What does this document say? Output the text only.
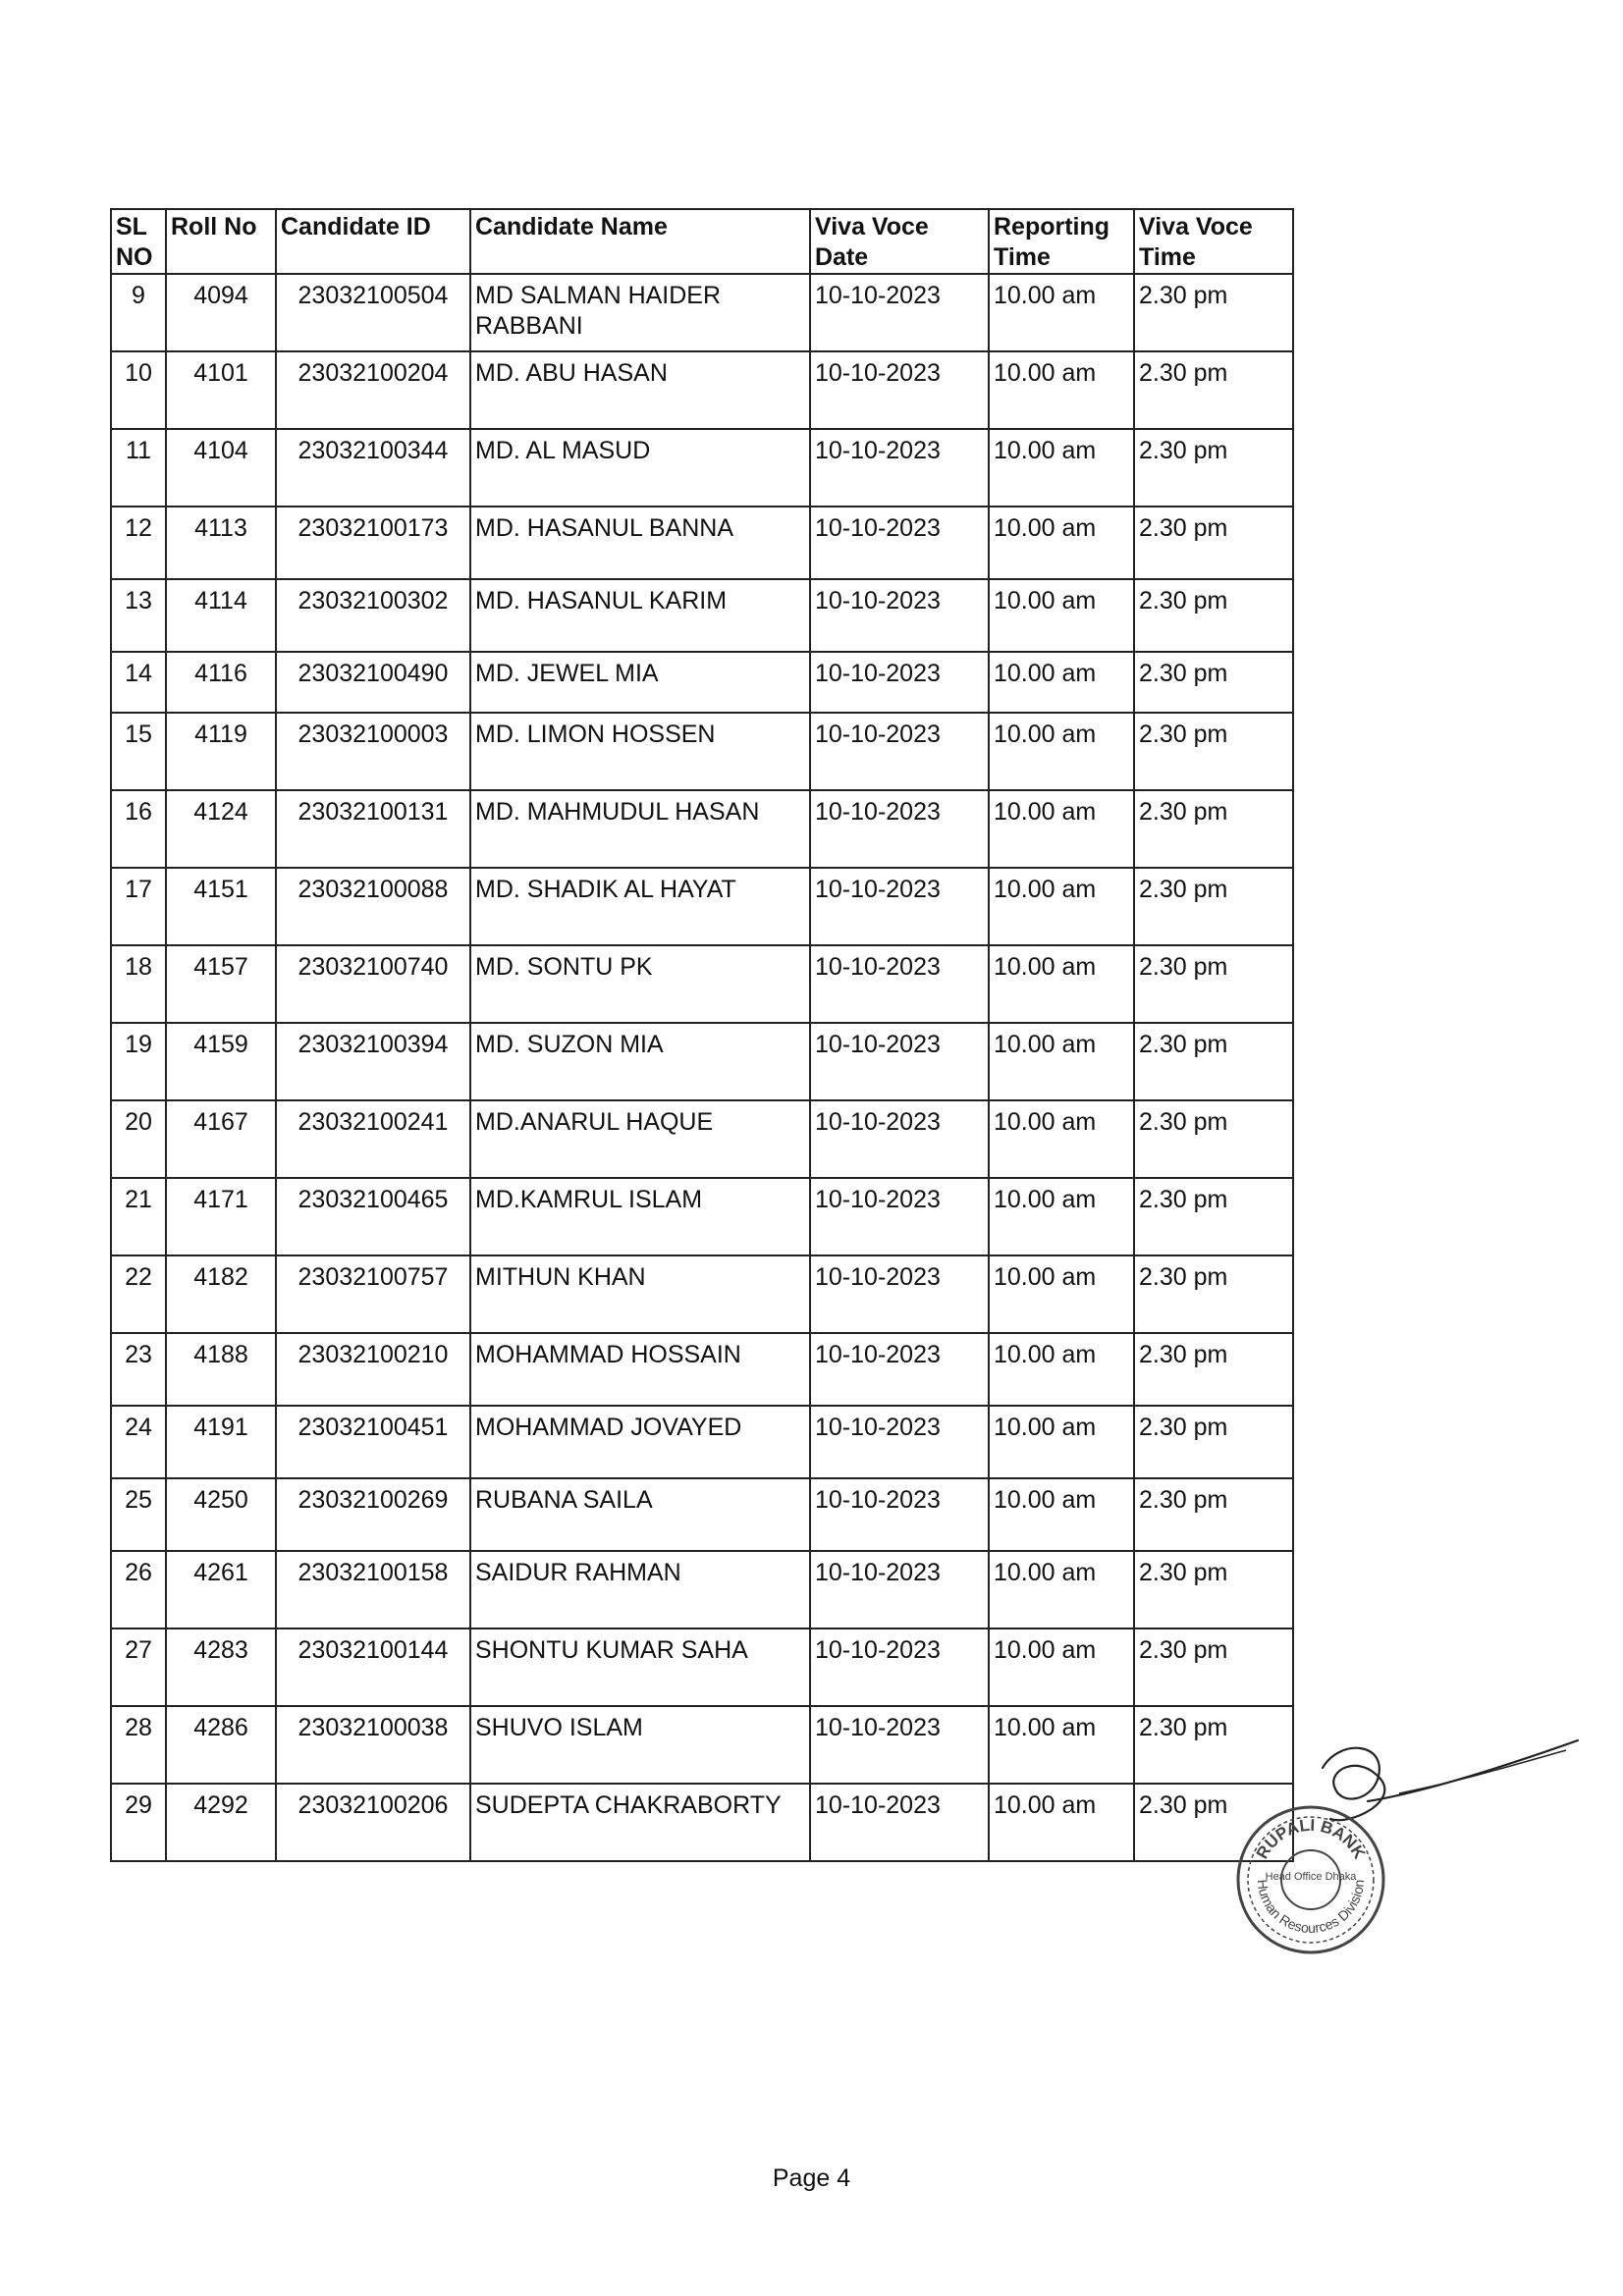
SL NO	Roll No	Candidate ID	Candidate Name	Viva Voce Date	Reporting Time	Viva Voce Time
9	4094	23032100504	MD SALMAN HAIDER RABBANI	10-10-2023	10.00 am	2.30 pm
10	4101	23032100204	MD. ABU HASAN	10-10-2023	10.00 am	2.30 pm
11	4104	23032100344	MD. AL MASUD	10-10-2023	10.00 am	2.30 pm
12	4113	23032100173	MD. HASANUL BANNA	10-10-2023	10.00 am	2.30 pm
13	4114	23032100302	MD. HASANUL KARIM	10-10-2023	10.00 am	2.30 pm
14	4116	23032100490	MD. JEWEL MIA	10-10-2023	10.00 am	2.30 pm
15	4119	23032100003	MD. LIMON HOSSEN	10-10-2023	10.00 am	2.30 pm
16	4124	23032100131	MD. MAHMUDUL HASAN	10-10-2023	10.00 am	2.30 pm
17	4151	23032100088	MD. SHADIK AL HAYAT	10-10-2023	10.00 am	2.30 pm
18	4157	23032100740	MD. SONTU PK	10-10-2023	10.00 am	2.30 pm
19	4159	23032100394	MD. SUZON MIA	10-10-2023	10.00 am	2.30 pm
20	4167	23032100241	MD.ANARUL HAQUE	10-10-2023	10.00 am	2.30 pm
21	4171	23032100465	MD.KAMRUL ISLAM	10-10-2023	10.00 am	2.30 pm
22	4182	23032100757	MITHUN KHAN	10-10-2023	10.00 am	2.30 pm
23	4188	23032100210	MOHAMMAD HOSSAIN	10-10-2023	10.00 am	2.30 pm
24	4191	23032100451	MOHAMMAD JOVAYED	10-10-2023	10.00 am	2.30 pm
25	4250	23032100269	RUBANA SAILA	10-10-2023	10.00 am	2.30 pm
26	4261	23032100158	SAIDUR RAHMAN	10-10-2023	10.00 am	2.30 pm
27	4283	23032100144	SHONTU KUMAR SAHA	10-10-2023	10.00 am	2.30 pm
28	4286	23032100038	SHUVO ISLAM	10-10-2023	10.00 am	2.30 pm
29	4292	23032100206	SUDEPTA CHAKRABORTY	10-10-2023	10.00 am	2.30 pm
RUPALI BANK
Human Resources Division
Head Office Dhaka
Page 4
